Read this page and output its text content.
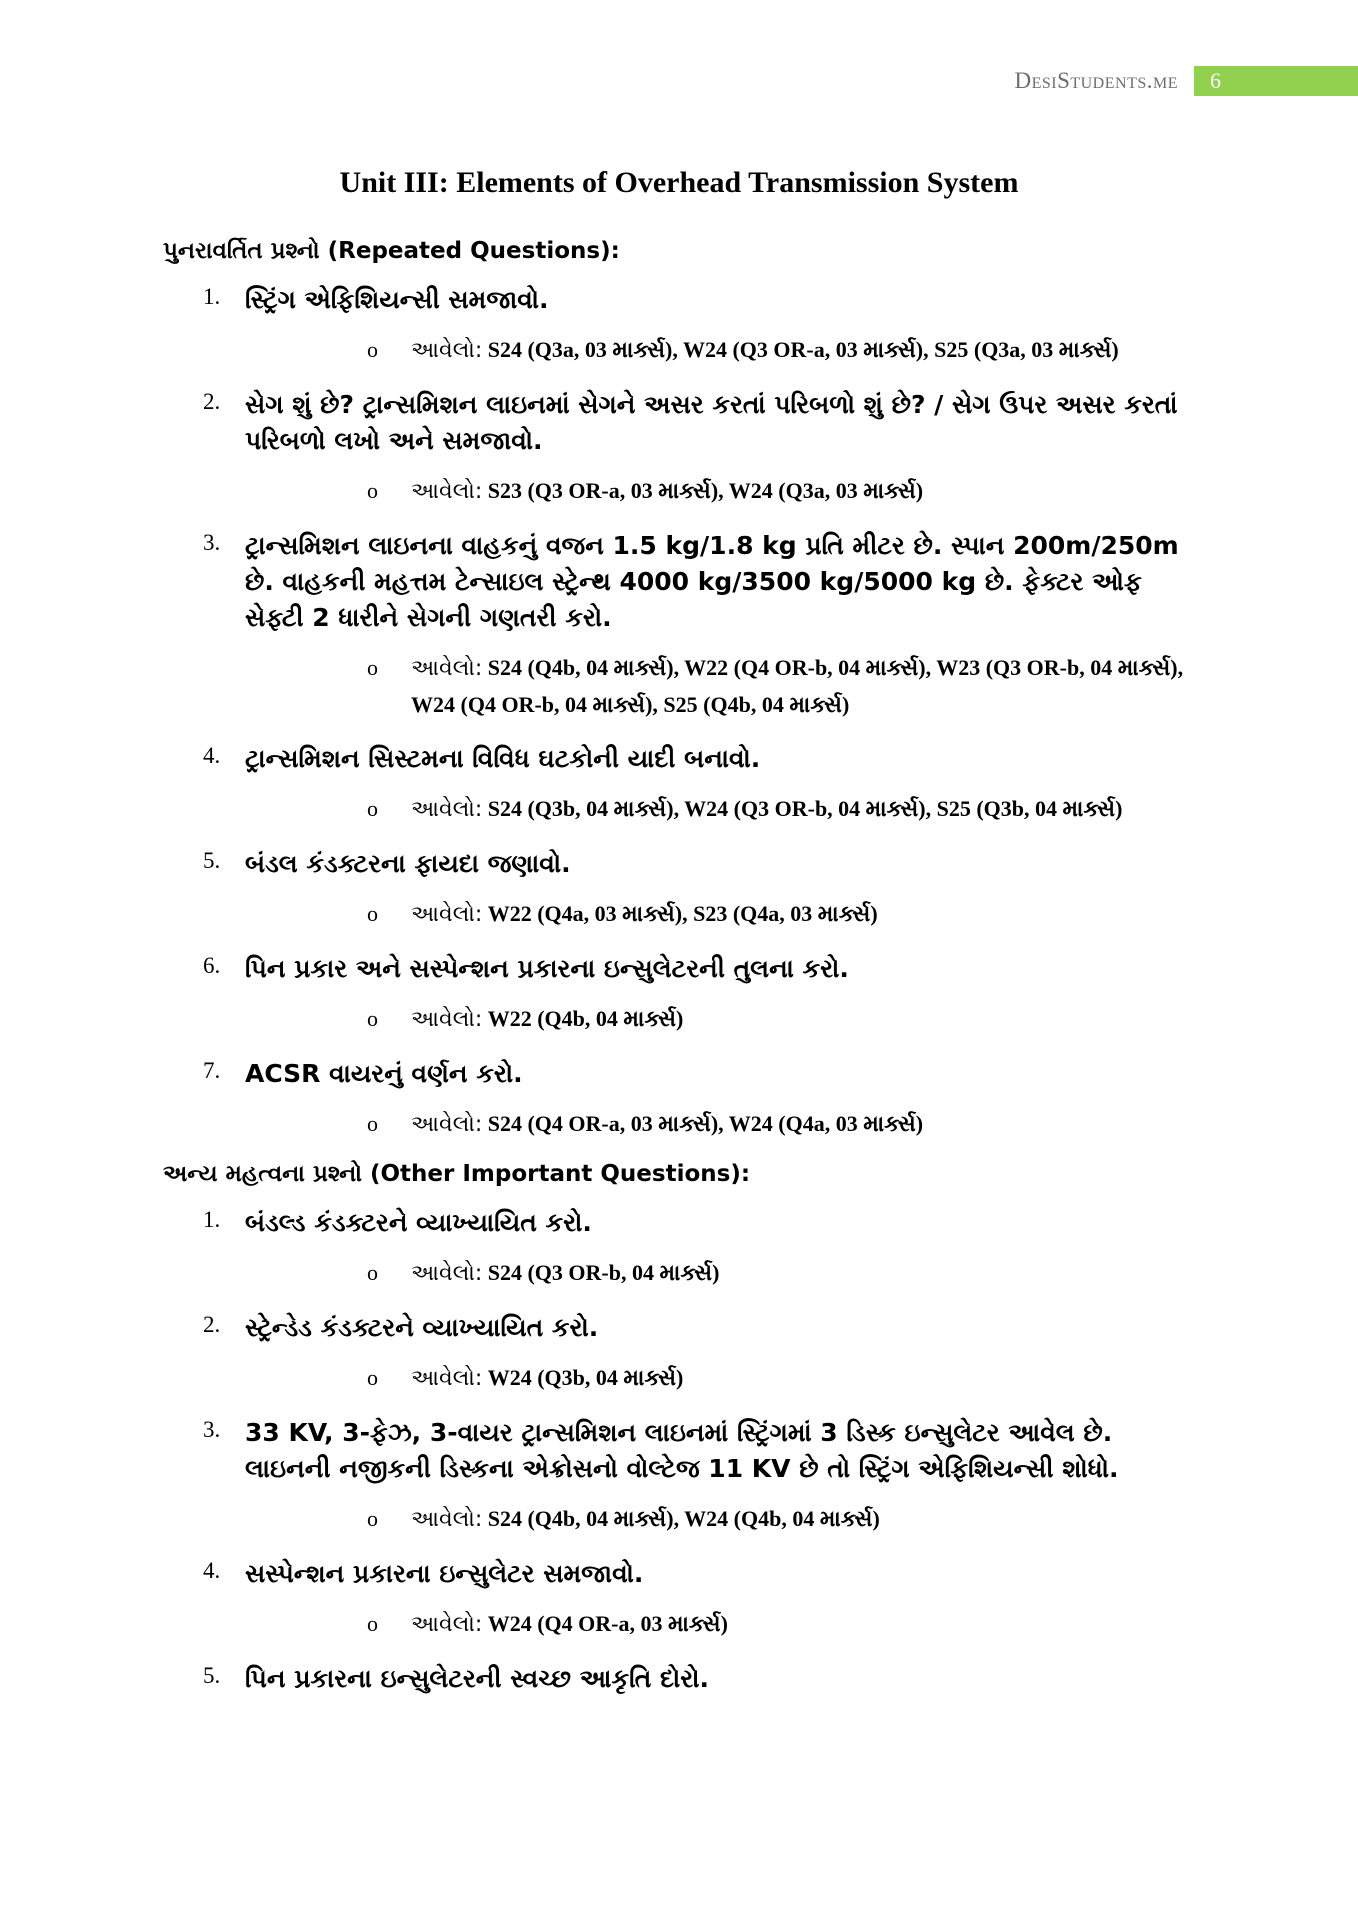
DesiStudents.me	6
Unit III: Elements of Overhead Transmission System
પુનરાવર્તિત પ્રશ્નો (Repeated Questions):
1. સ્ટ્રિંગ એફિશિયન્સી સમજાવો.
o આવેલો: S24 (Q3a, 03 માર્ક્સ), W24 (Q3 OR-a, 03 માર્ક્સ), S25 (Q3a, 03 માર્ક્સ)
2. સેગ શું છે? ટ્રાન્સમિશન લાઇનમાં સેગને અસર કરતાં પરિબળો શું છે? / સેગ ઉપર અસર કરતાં પરિબળો લખો અને સમજાવો.
o આવેલો: S23 (Q3 OR-a, 03 માર્ક્સ), W24 (Q3a, 03 માર્ક્સ)
3. ટ્રાન્સમિશન લાઇનના વાહકનું વજન 1.5 kg/1.8 kg પ્રતિ મીટર છે. સ્પાન 200m/250m છે. વાહકની મહત્તમ ટેન્સાઇલ સ્ટ્રેન્થ 4000 kg/3500 kg/5000 kg છે. ફેક્ટર ઓફ સેફ્ટી 2 ધારીને સેગની ગણતરી કરો.
o આવેલો: S24 (Q4b, 04 માર્ક્સ), W22 (Q4 OR-b, 04 માર્ક્સ), W23 (Q3 OR-b, 04 માર્ક્સ), W24 (Q4 OR-b, 04 માર્ક્સ), S25 (Q4b, 04 માર્ક્સ)
4. ટ્રાન્સમિશન સિસ્ટમના વિવિધ ઘટકોની યાદી બનાવો.
o આવેલો: S24 (Q3b, 04 માર્ક્સ), W24 (Q3 OR-b, 04 માર્ક્સ), S25 (Q3b, 04 માર્ક્સ)
5. બંડલ કંડક્ટરના ફાયદા જણાવો.
o આવેલો: W22 (Q4a, 03 માર્ક્સ), S23 (Q4a, 03 માર્ક્સ)
6. પિન પ્રકાર અને સસ્પેન્શન પ્રકારના ઇન્સુલેટરની તુલના કરો.
o આવેલો: W22 (Q4b, 04 માર્ક્સ)
7. ACSR વાયરનું વર્ણન કરો.
o આવેલો: S24 (Q4 OR-a, 03 માર્ક્સ), W24 (Q4a, 03 માર્ક્સ)
અન્ય મહત્વના પ્રશ્નો (Other Important Questions):
1. બંડલ્ડ કંડક્ટરને વ્યાખ્યાયિત કરો.
o આવેલો: S24 (Q3 OR-b, 04 માર્ક્સ)
2. સ્ટ્રેન્ડેડ કંડક્ટરને વ્યાખ્યાયિત કરો.
o આવેલો: W24 (Q3b, 04 માર્ક્સ)
3. 33 KV, 3-ફેઝ, 3-વાયર ટ્રાન્સમિશન લાઇનમાં સ્ટ્રિંગમાં 3 ડિસ્ક ઇન્સુલેટર આવેલ છે. લાઇનની નજીકની ડિસ્કના એક્રોસનો વોલ્ટેજ 11 KV છે તો સ્ટ્રિંગ એફિશિયન્સી શોધો.
o આવેલો: S24 (Q4b, 04 માર્ક્સ), W24 (Q4b, 04 માર્ક્સ)
4. સસ્પેન્શન પ્રકારના ઇન્સુલેટર સમજાવો.
o આવેલો: W24 (Q4 OR-a, 03 માર્ક્સ)
5. પિન પ્રકારના ઇન્સુલેટરની સ્વચ્છ આકૃતિ દોરો.
